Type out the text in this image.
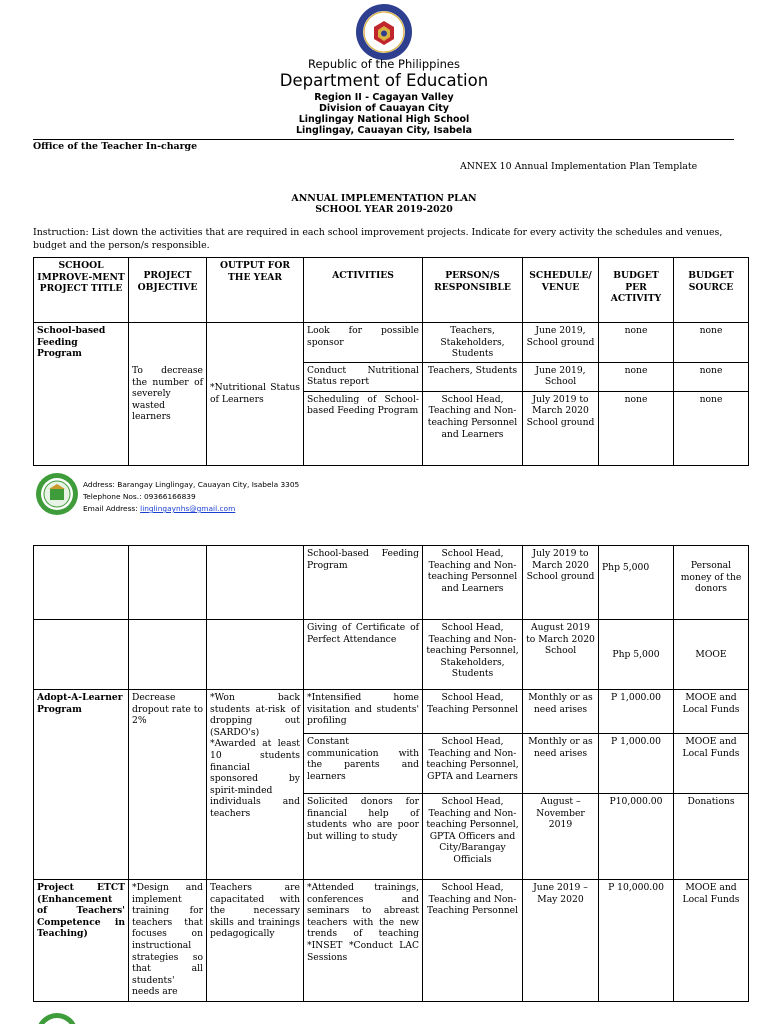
Republic of the Philippines
Department of Education
Region II - Cagayan Valley
Division of Cauayan City
Linglingay National High School
Linglingay, Cauayan City, Isabela
Office of the Teacher In-charge
ANNEX 10 Annual Implementation Plan Template
ANNUAL IMPLEMENTATION PLAN
SCHOOL YEAR 2019-2020
Instruction: List down the activities that are required in each school improvement projects. Indicate for every activity the schedules and venues, budget and the person/s responsible.
SCHOOL IMPROVE-MENT PROJECT TITLE	PROJECT OBJECTIVE	OUTPUT FOR THE YEAR	ACTIVITIES	PERSON/S RESPONSIBLE	SCHEDULE/ VENUE	BUDGET PER ACTIVITY	BUDGET SOURCE
School-based Feeding Program	To decrease the number of severely wasted learners	*Nutritional Status of Learners	Look for possible sponsor	Teachers, Stakeholders, Students	June 2019, School ground	none	none
			Conduct Nutritional Status report	Teachers, Students	June 2019, School	none	none
			Scheduling of School-based Feeding Program	School Head, Teaching and Non-teaching Personnel and Learners	July 2019 to March 2020 School ground	none	none
Address: Barangay Linglingay, Cauayan City, Isabela 3305
Telephone Nos.: 09366166839
Email Address: linglingaynhs@gmail.com
			School-based Feeding Program	School Head, Teaching and Non-teaching Personnel and Learners	July 2019 to March 2020 School ground	Php 5,000	Personal money of the donors
			Giving of Certificate of Perfect Attendance	School Head, Teaching and Non-teaching Personnel, Stakeholders, Students	August 2019 to March 2020 School	Php 5,000	MOOE
Adopt-A-Learner Program	Decrease dropout rate to 2%	*Won back students at-risk of dropping out (SARDO's) *Awarded at least 10 students financial sponsored by spirit-minded individuals and teachers	*Intensified home visitation and students' profiling	School Head, Teaching Personnel	Monthly or as need arises	P 1,000.00	MOOE and Local Funds
			Constant communication with the parents and learners	School Head, Teaching and Non-teaching Personnel, GPTA and Learners	Monthly or as need arises	P 1,000.00	MOOE and Local Funds
			Solicited donors for financial help of students who are poor but willing to study	School Head, Teaching and Non-teaching Personnel, GPTA Officers and City/Barangay Officials	August – November 2019	P10,000.00	Donations
Project ETCT (Enhancement of Teachers' Competence in Teaching)	*Design and implement training for teachers that focuses on instructional strategies so that all students' needs are	Teachers are capacitated with the necessary skills and trainings pedagogically	*Attended trainings, conferences and seminars to abreast teachers with the new trends of teaching *INSET *Conduct LAC Sessions	School Head, Teaching and Non-Teaching Personnel	June 2019 – May 2020	P 10,000.00	MOOE and Local Funds
